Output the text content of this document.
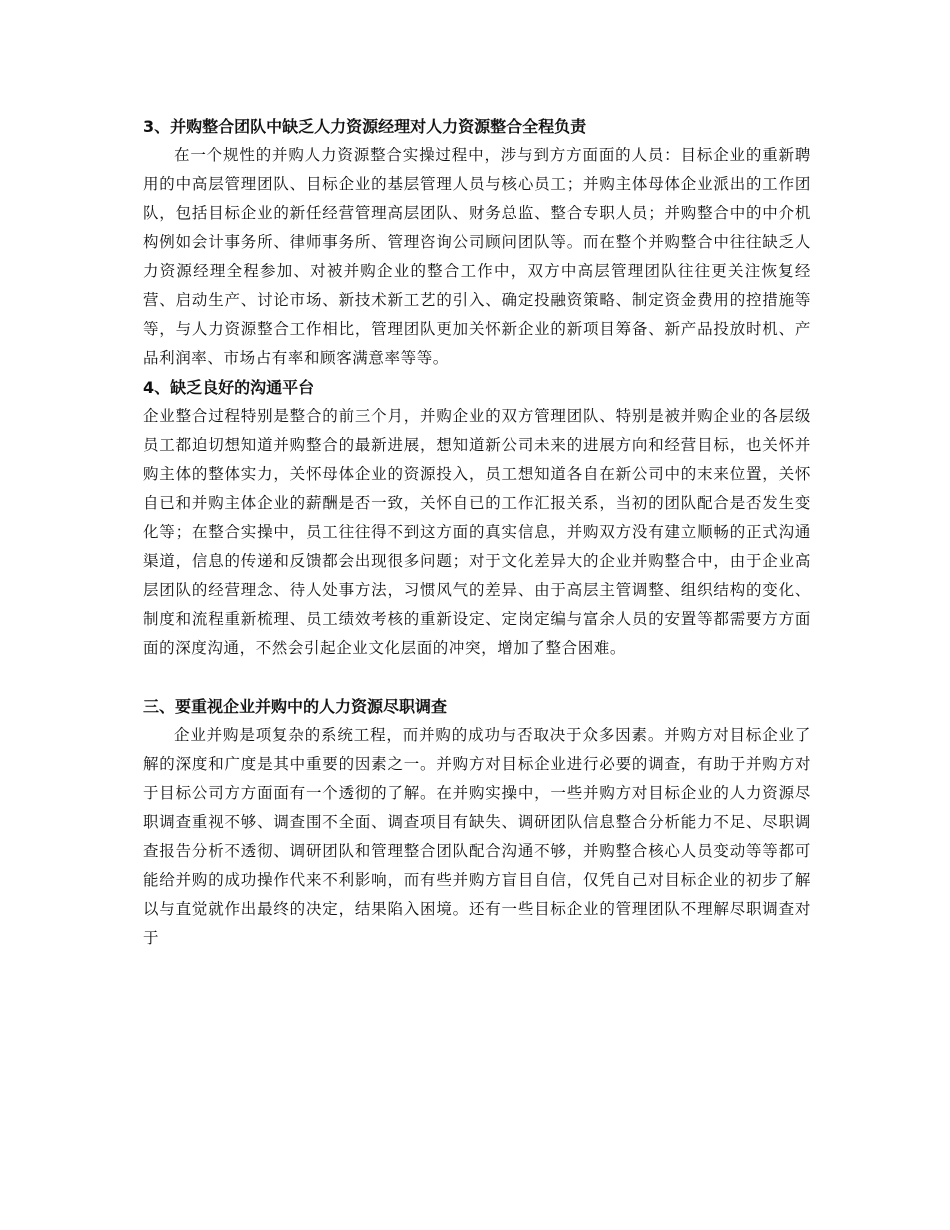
3、并购整合团队中缺乏人力资源经理对人力资源整合全程负责

在一个规性的并购人力资源整合实操过程中，涉与到方方面面的人员：目标企业的重新聘用的中高层管理团队、目标企业的基层管理人员与核心员工；并购主体母体企业派出的工作团队，包括目标企业的新任经营管理高层团队、财务总监、整合专职人员；并购整合中的中介机构例如会计事务所、律师事务所、管理咨询公司顾问团队等。而在整个并购整合中往往缺乏人力资源经理全程参加、对被并购企业的整合工作中，双方中高层管理团队往往更关注恢复经营、启动生产、讨论市场、新技术新工艺的引入、确定投融资策略、制定资金费用的控措施等等，与人力资源整合工作相比，管理团队更加关怀新企业的新项目筹备、新产品投放时机、产品利润率、市场占有率和顾客满意率等等。

4、缺乏良好的沟通平台

企业整合过程特别是整合的前三个月，并购企业的双方管理团队、特别是被并购企业的各层级员工都迫切想知道并购整合的最新进展，想知道新公司未来的进展方向和经营目标，也关怀并购主体的整体实力，关怀母体企业的资源投入，员工想知道各自在新公司中的末来位置，关怀自已和并购主体企业的薪酬是否一致，关怀自已的工作汇报关系，当初的团队配合是否发生变化等；在整合实操中，员工往往得不到这方面的真实信息，并购双方没有建立顺畅的正式沟通渠道，信息的传递和反馈都会出现很多问题；对于文化差异大的企业并购整合中，由于企业高层团队的经营理念、待人处事方法，习惯风气的差异、由于高层主管调整、组织结构的变化、制度和流程重新梳理、员工绩效考核的重新设定、定岗定编与富余人员的安置等都需要方方面面的深度沟通，不然会引起企业文化层面的冲突，增加了整合困难。

三、要重视企业并购中的人力资源尽职调查

企业并购是项复杂的系统工程，而并购的成功与否取决于众多因素。并购方对目标企业了解的深度和广度是其中重要的因素之一。并购方对目标企业进行必要的调查，有助于并购方对于目标公司方方面面有一个透彻的了解。在并购实操中，一些并购方对目标企业的人力资源尽职调查重视不够、调查围不全面、调查项目有缺失、调研团队信息整合分析能力不足、尽职调查报告分析不透彻、调研团队和管理整合团队配合沟通不够，并购整合核心人员变动等等都可能给并购的成功操作代来不利影响，而有些并购方盲目自信，仅凭自己对目标企业的初步了解以与直觉就作出最终的决定，结果陷入困境。还有一些目标企业的管理团队不理解尽职调查对于
